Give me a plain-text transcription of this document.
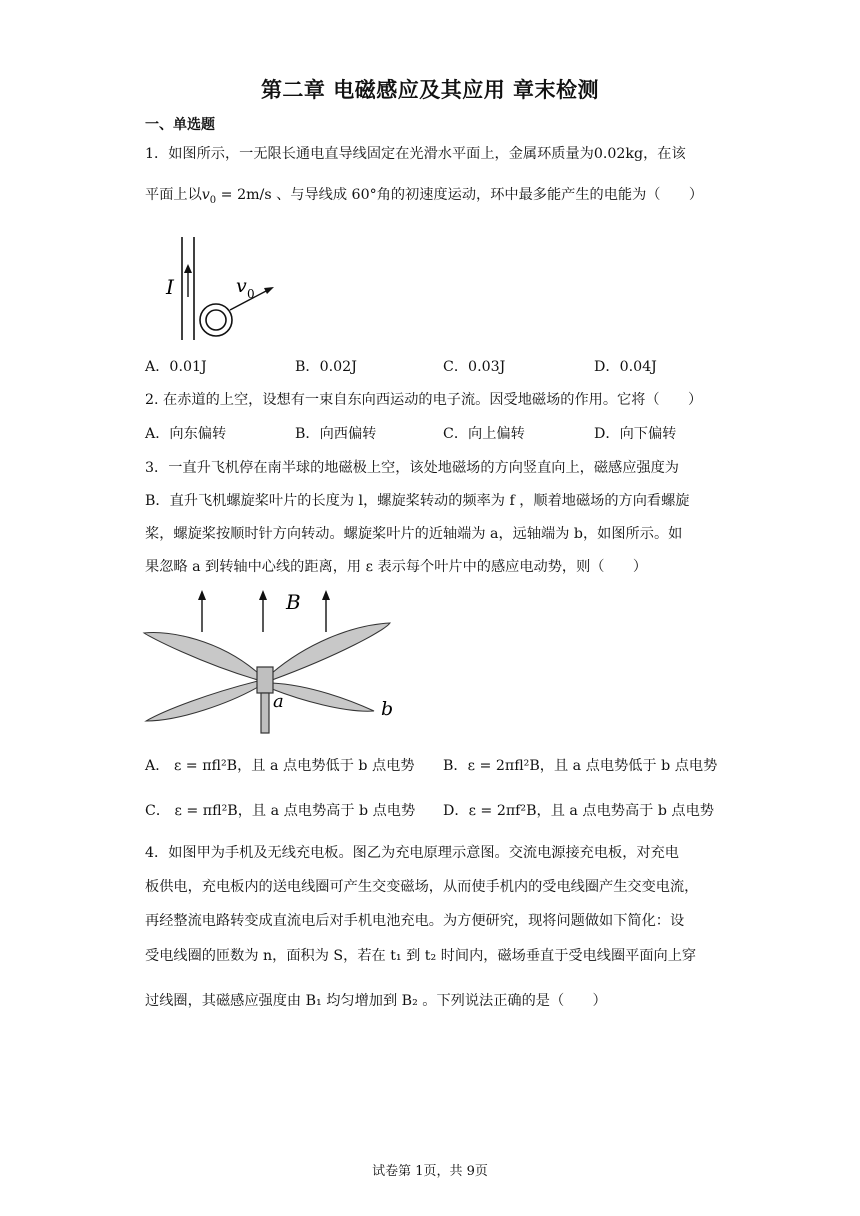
第二章 电磁感应及其应用 章末检测
一、单选题
1．如图所示，一无限长通电直导线固定在光滑水平面上，金属环质量为0.02kg，在该
平面上以$v_0 = 2m/s$ 、与导线成 60°角的初速度运动，环中最多能产生的电能为（　　）
I	v 0
A．0.01J	B．0.02J	C．0.03J	D．0.04J
2. 在赤道的上空，设想有一束自东向西运动的电子流。因受地磁场的作用。它将（　　）
A．向东偏转	B．向西偏转	C．向上偏转	D．向下偏转
3．一直升飞机停在南半球的地磁极上空，该处地磁场的方向竖直向上，磁感应强度为
B．直升飞机螺旋桨叶片的长度为 l，螺旋桨转动的频率为 f ，顺着地磁场的方向看螺旋
桨，螺旋桨按顺时针方向转动。螺旋桨叶片的近轴端为 a，远轴端为 b，如图所示。如
果忽略 a 到转轴中心线的距离，用 ε 表示每个叶片中的感应电动势，则（　　）
B
a	b
A． ε = πfl²B，且 a 点电势低于 b 点电势 B．ε = 2πfl²B，且 a 点电势低于 b 点电势
C． ε = πfl²B，且 a 点电势高于 b 点电势 D．ε = 2πf²B，且 a 点电势高于 b 点电势
4．如图甲为手机及无线充电板。图乙为充电原理示意图。交流电源接充电板，对充电
板供电，充电板内的送电线圈可产生交变磁场，从而使手机内的受电线圈产生交变电流，
再经整流电路转变成直流电后对手机电池充电。为方便研究，现将问题做如下简化：设
受电线圈的匝数为 n，面积为 S，若在 t₁ 到 t₂ 时间内，磁场垂直于受电线圈平面向上穿
过线圈，其磁感应强度由 B₁ 均匀增加到 B₂ 。下列说法正确的是（　　）
试卷第 1页，共 9页
